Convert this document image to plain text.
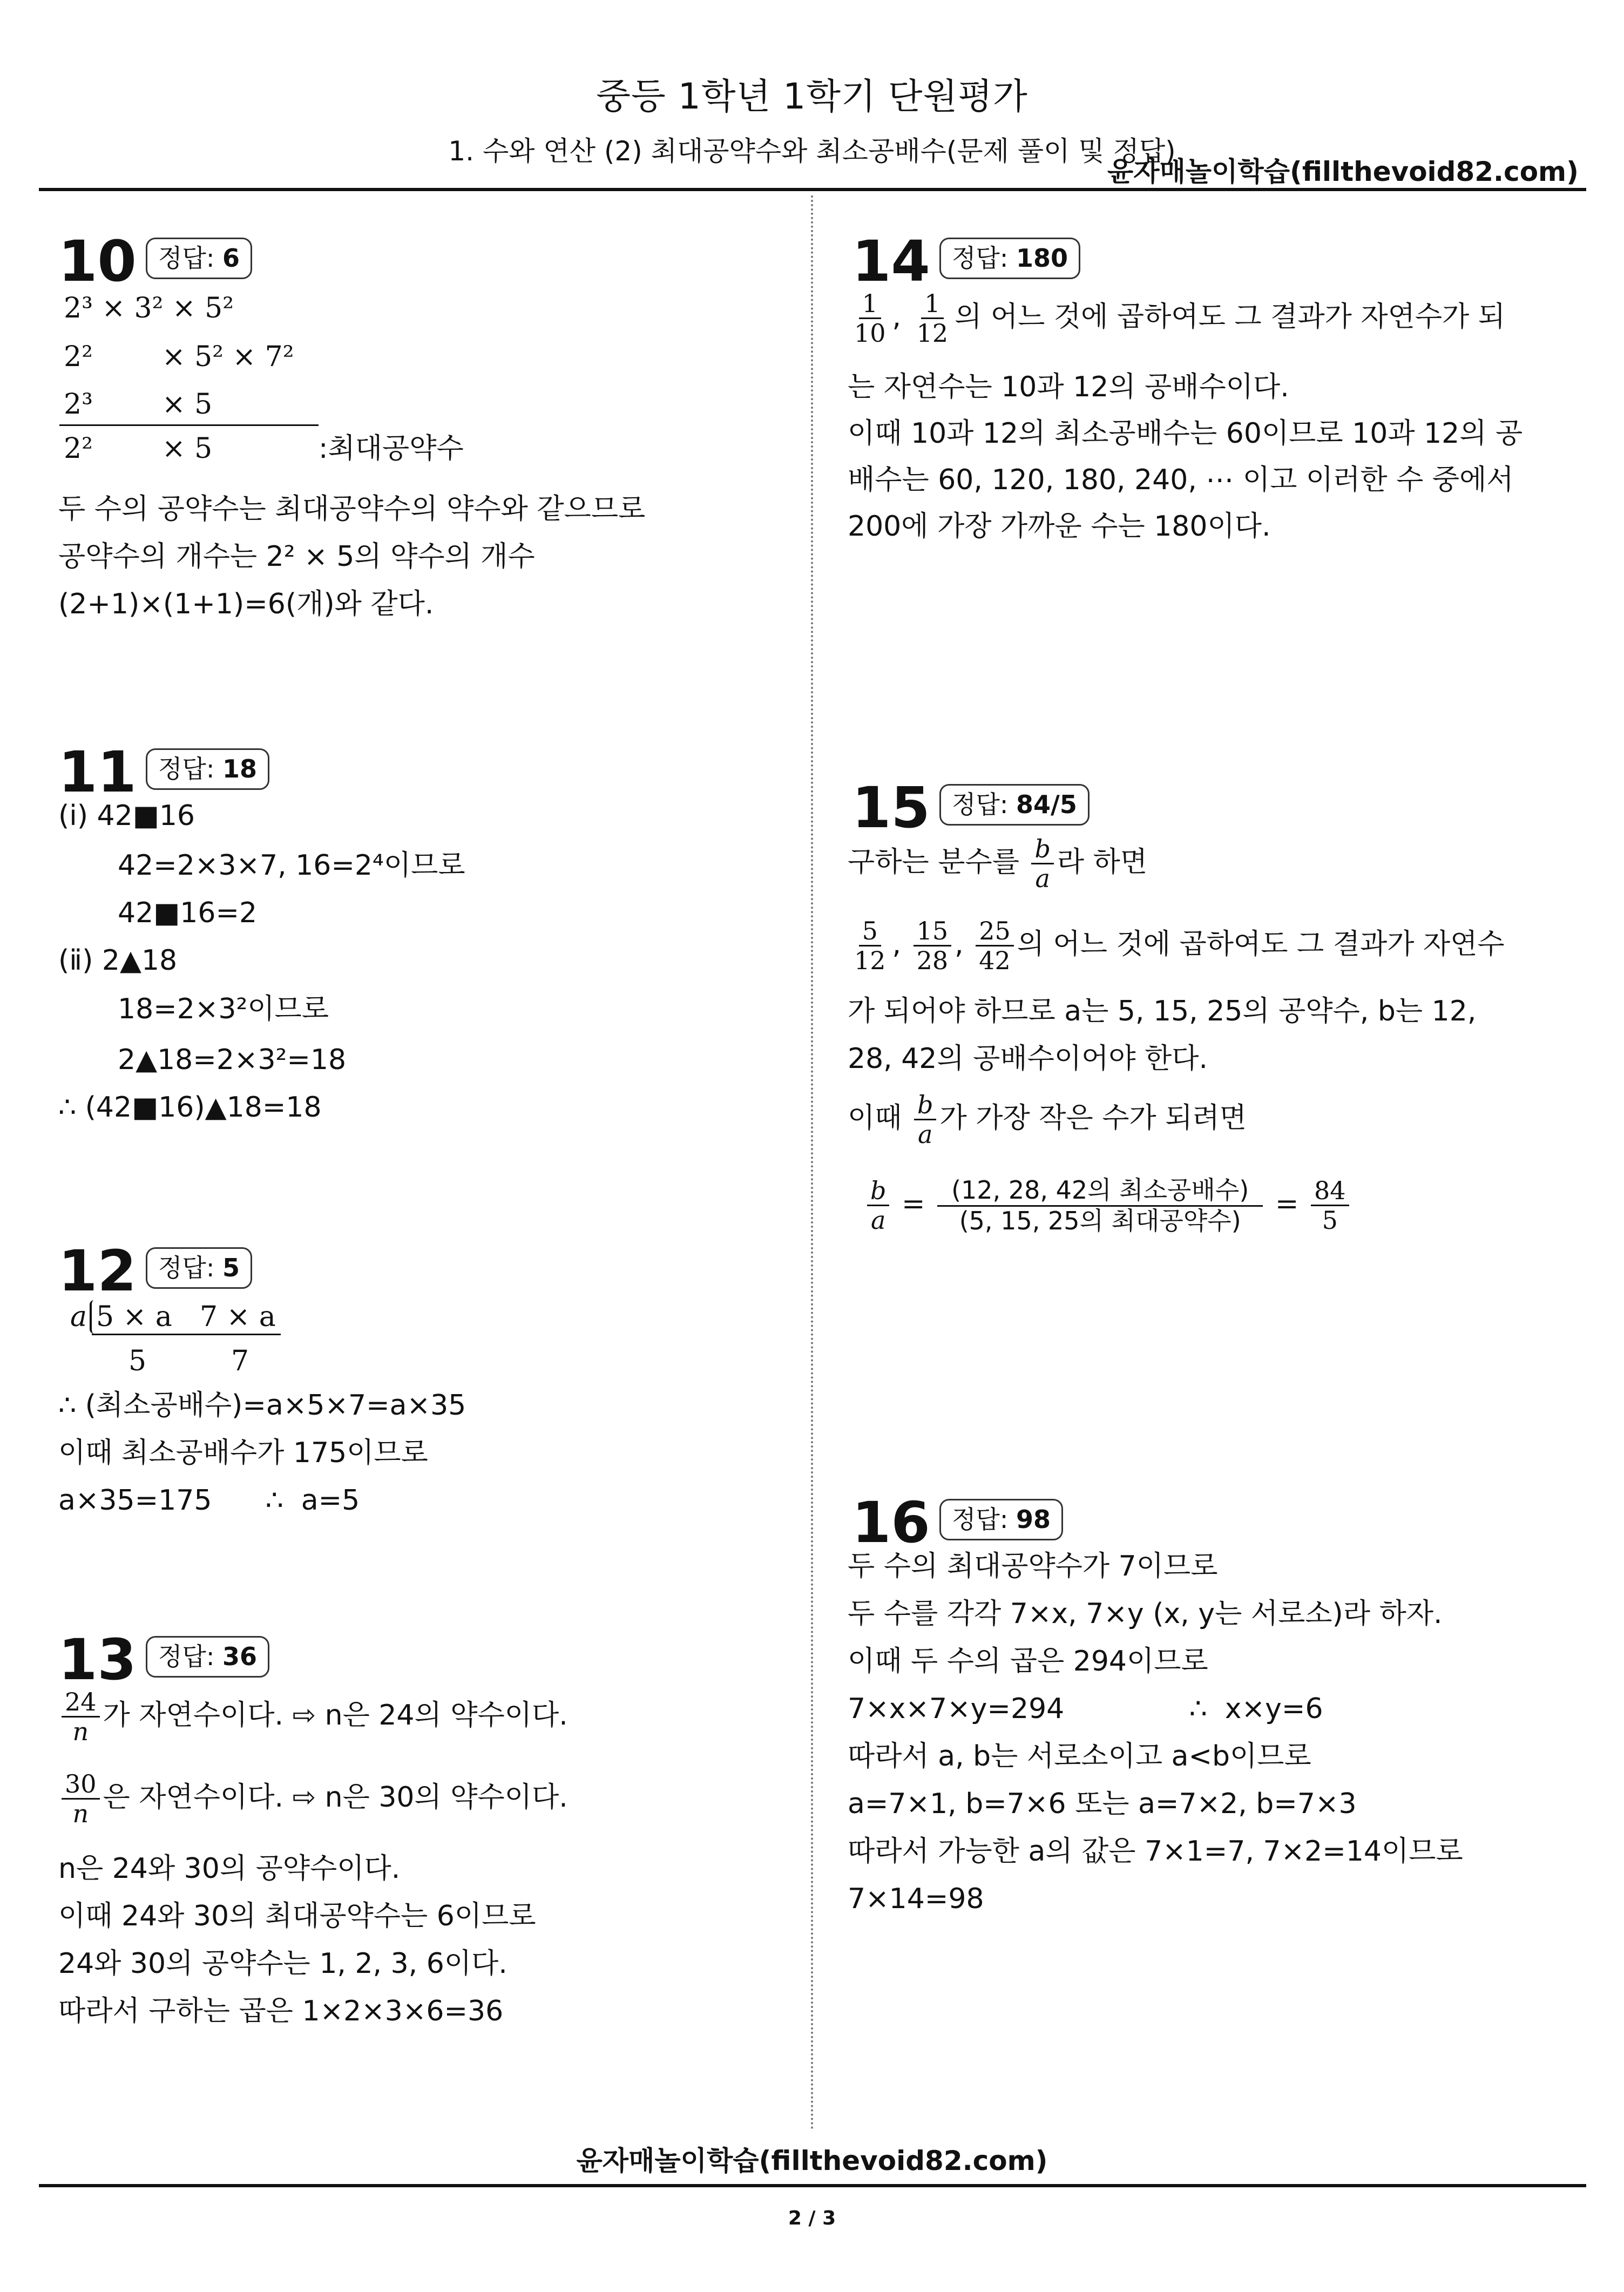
중등 1학년 1학기 단원평가
1. 수와 연산 (2) 최대공약수와 최소공배수(문제 풀이 및 정답)
윤자매놀이학습(fillthevoid82.com)
10 정답: 6
2³ × 3² × 5²
2² × 5² × 7²
2³ × 5
2² × 5	:최대공약수
두 수의 공약수는 최대공약수의 약수와 같으므로
공약수의 개수는 2² × 5의 약수의 개수
(2+1)×(1+1)=6(개)와 같다.
11 정답: 18
(ⅰ) 42■16
42=2×3×7, 16=2⁴이므로
42■16=2
(ⅱ) 2▲18
18=2×3²이므로
2▲18=2×3²=18
∴ (42■16)▲18=18
12 정답: 5
a 5 × a 7 × a
5	7
∴ (최소공배수)=a×5×7=a×35
이때 최소공배수가 175이므로
a×35=175      ∴  a=5
13 정답: 36
$\frac{24}{n}$ 가 자연수이다. ⇨ n은 24의 약수이다.
$\frac{30}{n}$ 은 자연수이다. ⇨ n은 30의 약수이다.
n은 24와 30의 공약수이다.
이때 24와 30의 최대공약수는 6이므로
24와 30의 공약수는 1, 2, 3, 6이다.
따라서 구하는 곱은 1×2×3×6=36
14 정답: 180
$\frac{1}{10}$ , $\frac{1}{12}$ 의 어느 것에 곱하여도 그 결과가 자연수가 되
는 자연수는 10과 12의 공배수이다.
이때 10과 12의 최소공배수는 60이므로 10과 12의 공
배수는 60, 120, 180, 240, ⋯ 이고 이러한 수 중에서
200에 가장 가까운 수는 180이다.
15 정답: 84/5
구하는 분수를 $\frac{b}{a}$ 라 하면
$\frac{5}{12}$ , $\frac{15}{28}$ , $\frac{25}{42}$ 의 어느 것에 곱하여도 그 결과가 자연수
가 되어야 하므로 a는 5, 15, 25의 공약수, b는 12,
28, 42의 공배수이어야 한다.
이때 $\frac{b}{a}$ 가 가장 작은 수가 되려면
$\frac{b}{a} = \frac{\text{(12, 28, 42의 최소공배수)}}{\text{(5, 15, 25의 최대공약수)}} = \frac{84}{5}$
16 정답: 98
두 수의 최대공약수가 7이므로
두 수를 각각 7×x, 7×y (x, y는 서로소)라 하자.
이때 두 수의 곱은 294이므로
7×x×7×y=294              ∴  x×y=6
따라서 a, b는 서로소이고 a<b이므로
a=7×1, b=7×6 또는 a=7×2, b=7×3
따라서 가능한 a의 값은 7×1=7, 7×2=14이므로
7×14=98
윤자매놀이학습(fillthevoid82.com)
2 / 3
